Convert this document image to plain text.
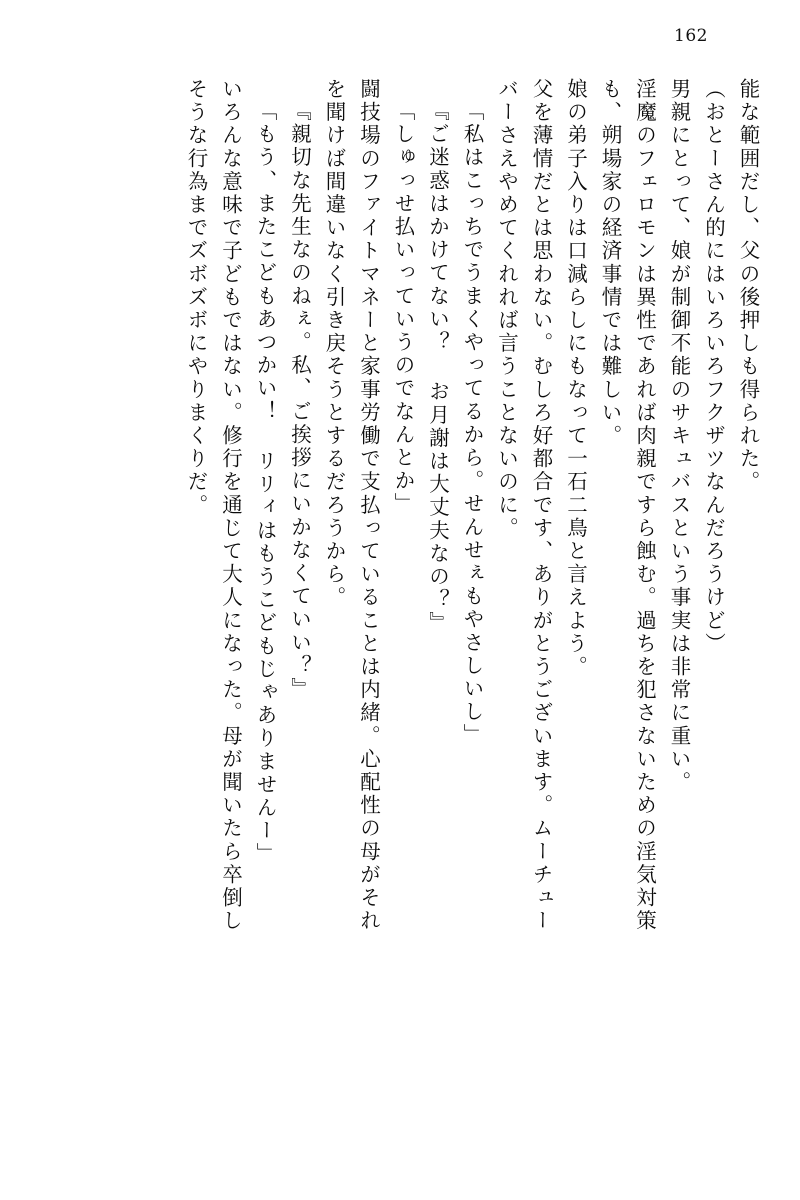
162
能な範囲だし、父の後押しも得られた。
（おとーさん的にはいろいろフクザツなんだろうけど）
男親にとって、娘が制御不能のサキュバスという事実は非常に重い。
淫魔のフェロモンは異性であれば肉親ですら蝕む。過ちを犯さないための淫気対策
も、朔場家の経済事情では難しい。
娘の弟子入りは口減らしにもなって一石二鳥と言えよう。
父を薄情だとは思わない。むしろ好都合です、ありがとうございます。ムーチュー
バーさえやめてくれれば言うことないのに。
「私はこっちでうまくやってるから。せんせぇもやさしいし」
『ご迷惑はかけてない？ お月謝は大丈夫なの？』
「しゅっせ払いっていうのでなんとか」
闘技場のファイトマネーと家事労働で支払っていることは内緒。心配性の母がそれ
を聞けば間違いなく引き戻そうとするだろうから。
『親切な先生なのねぇ。私、ご挨拶にいかなくていい？』
「もう、またこどもあつかい！ リリィはもうこどもじゃありませんー」
いろんな意味で子どもではない。修行を通じて大人になった。母が聞いたら卒倒し
そうな行為までズボズボにやりまくりだ。
